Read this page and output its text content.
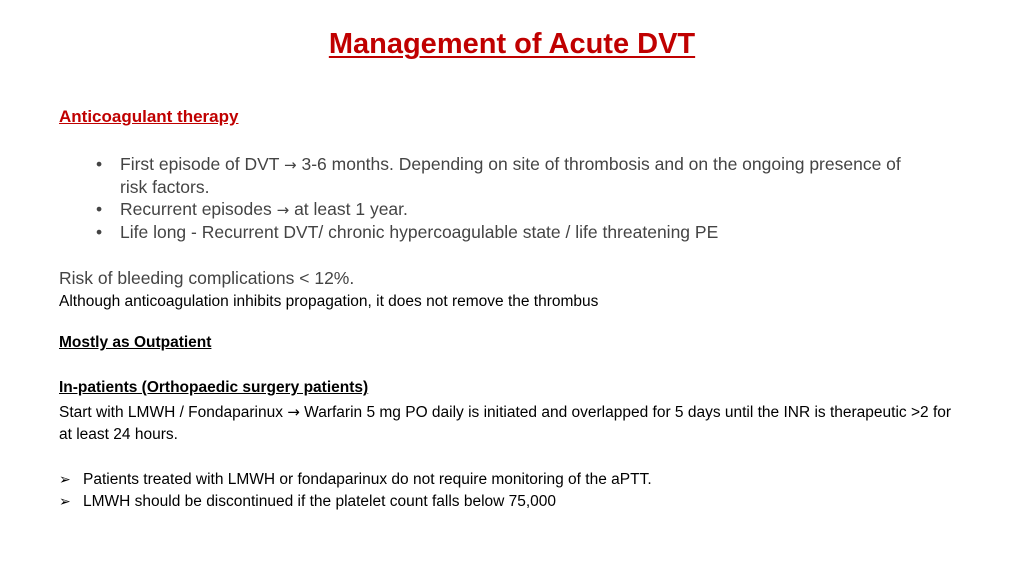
Management of Acute DVT
Anticoagulant therapy
• First episode of DVT → 3-6 months. Depending on site of thrombosis and on the ongoing presence of risk factors.
• Recurrent episodes → at least 1 year.
• Life long - Recurrent DVT/ chronic hypercoagulable state / life threatening PE
Risk of bleeding complications < 12%.
Although anticoagulation inhibits propagation, it does not remove the thrombus
Mostly as Outpatient
In-patients (Orthopaedic surgery patients)
Start with LMWH / Fondaparinux → Warfarin 5 mg PO daily is initiated and overlapped for 5 days until the INR is therapeutic >2 for at least 24 hours.
➢ Patients treated with LMWH or fondaparinux do not require monitoring of the aPTT.
➢ LMWH should be discontinued if the platelet count falls below 75,000
